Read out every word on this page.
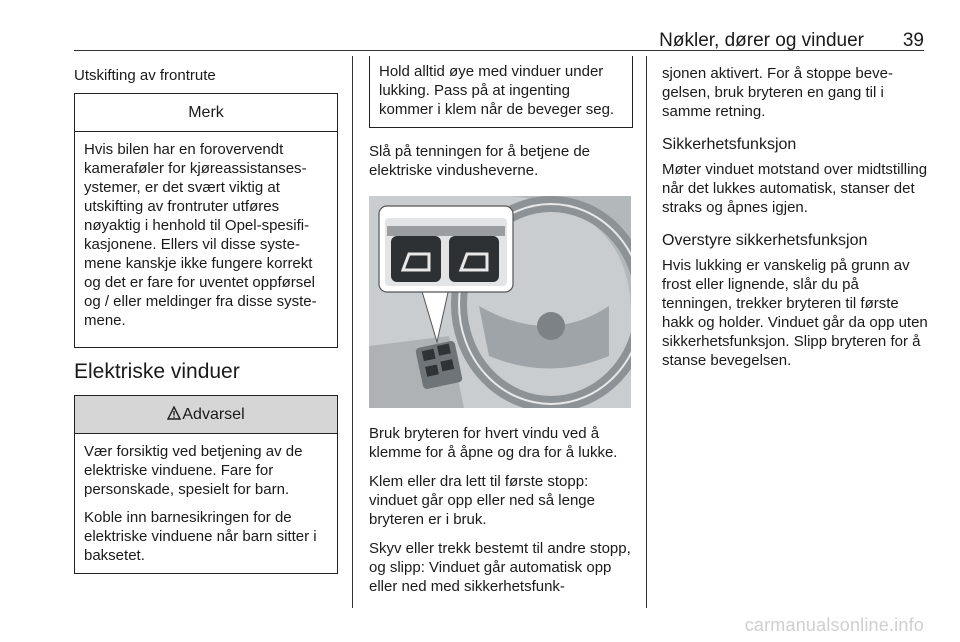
Nøkler, dører og vinduer 39
Utskifting av frontrute
Merk

Hvis bilen har en forovervendt kameraføler for kjøreassistansesystemer, er det svært viktig at utskifting av frontruter utføres nøyaktig i henhold til Opel-spesifikasjonene. Ellers vil disse systemene kanskje ikke fungere korrekt og det er fare for uventet oppførsel og / eller meldinger fra disse systemene.

Elektriske vinduer
Advarsel

Vær forsiktig ved betjening av de elektriske vinduene. Fare for personskade, spesielt for barn.

Koble inn barnesikringen for de elektriske vinduene når barn sitter i baksetet.

Hold alltid øye med vinduer under lukking. Pass på at ingenting kommer i klem når de beveger seg.

Slå på tenningen for å betjene de elektriske vindusheverne.

Bruk bryteren for hvert vindu ved å klemme for å åpne og dra for å lukke.

Klem eller dra lett til første stopp: vinduet går opp eller ned så lenge bryteren er i bruk.

Skyv eller trekk bestemt til andre stopp, og slipp: Vinduet går automatisk opp eller ned med sikkerhetsfunk-

sjonen aktivert. For å stoppe bevegelsen, bruk bryteren en gang til i samme retning.

Sikkerhetsfunksjon

Møter vinduet motstand over midtstilling når det lukkes automatisk, stanser det straks og åpnes igjen.

Overstyre sikkerhetsfunksjon

Hvis lukking er vanskelig på grunn av frost eller lignende, slår du på tenningen, trekker bryteren til første hakk og holder. Vinduet går da opp uten sikkerhetsfunksjon. Slipp bryteren for å stanse bevegelsen.

carmanualsonline.info
